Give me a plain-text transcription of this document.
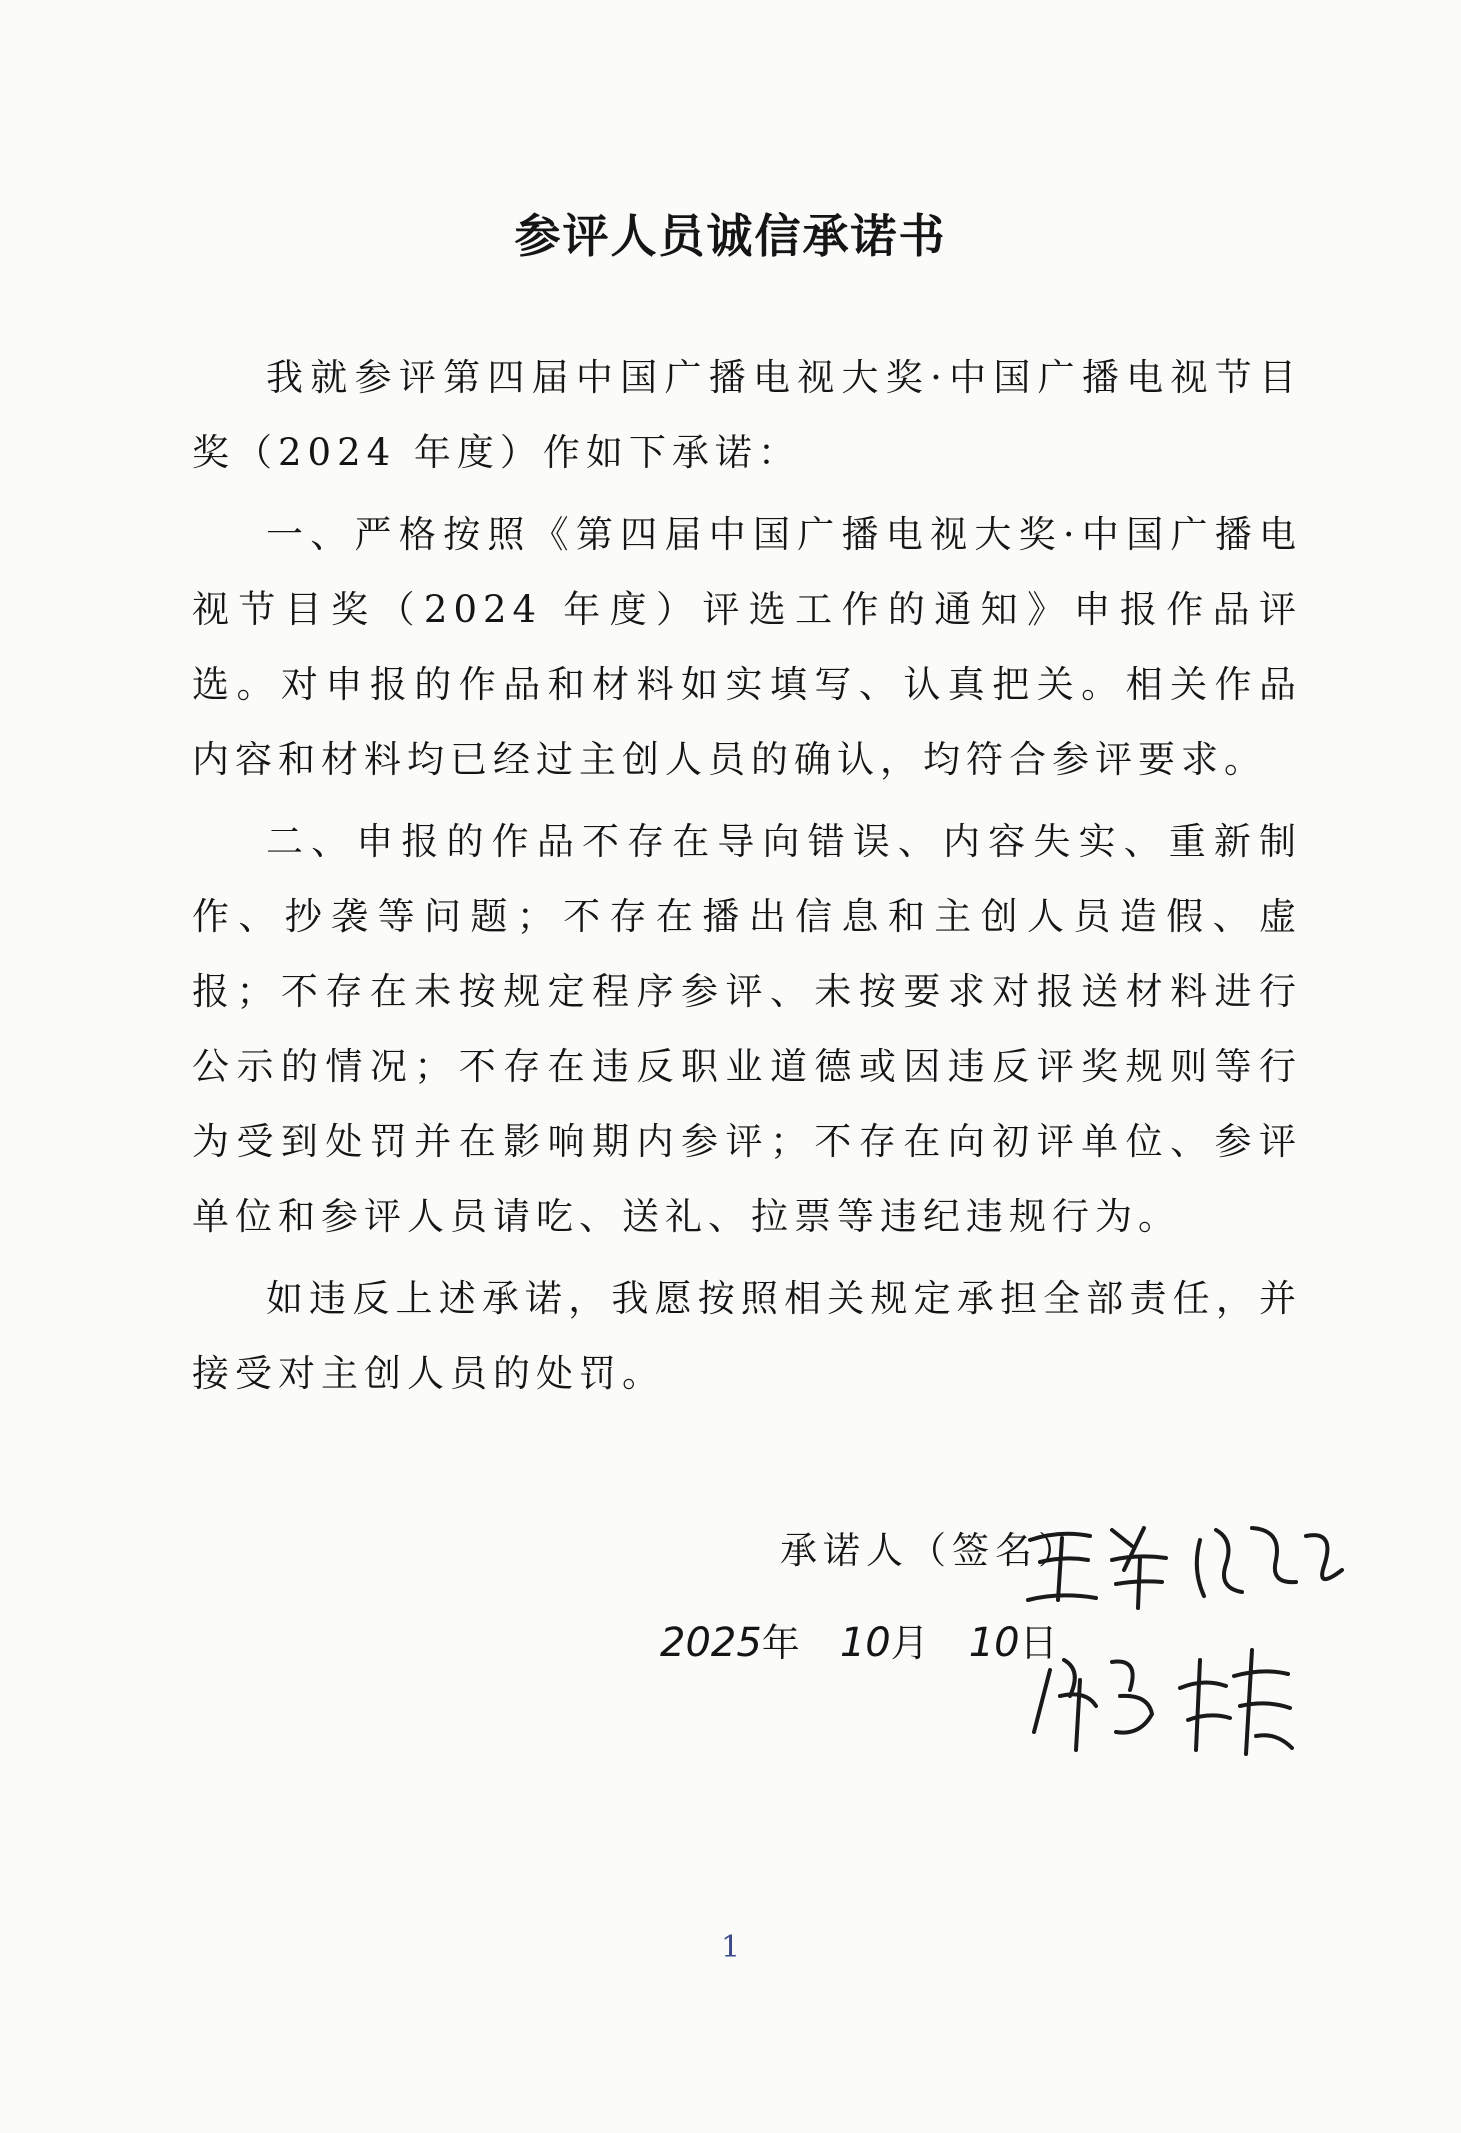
参评人员诚信承诺书

我就参评第四届中国广播电视大奖·中国广播电视节目奖（2024 年度）作如下承诺：

一、严格按照《第四届中国广播电视大奖·中国广播电视节目奖（2024 年度）评选工作的通知》申报作品评选。对申报的作品和材料如实填写、认真把关。相关作品内容和材料均已经过主创人员的确认，均符合参评要求。

二、申报的作品不存在导向错误、内容失实、重新制作、抄袭等问题；不存在播出信息和主创人员造假、虚报；不存在未按规定程序参评、未按要求对报送材料进行公示的情况；不存在违反职业道德或因违反评奖规则等行为受到处罚并在影响期内参评；不存在向初评单位、参评单位和参评人员请吃、送礼、拉票等违纪违规行为。

如违反上述承诺，我愿按照相关规定承担全部责任，并接受对主创人员的处罚。

承诺人（签名）
2025年 10月 10日
1
